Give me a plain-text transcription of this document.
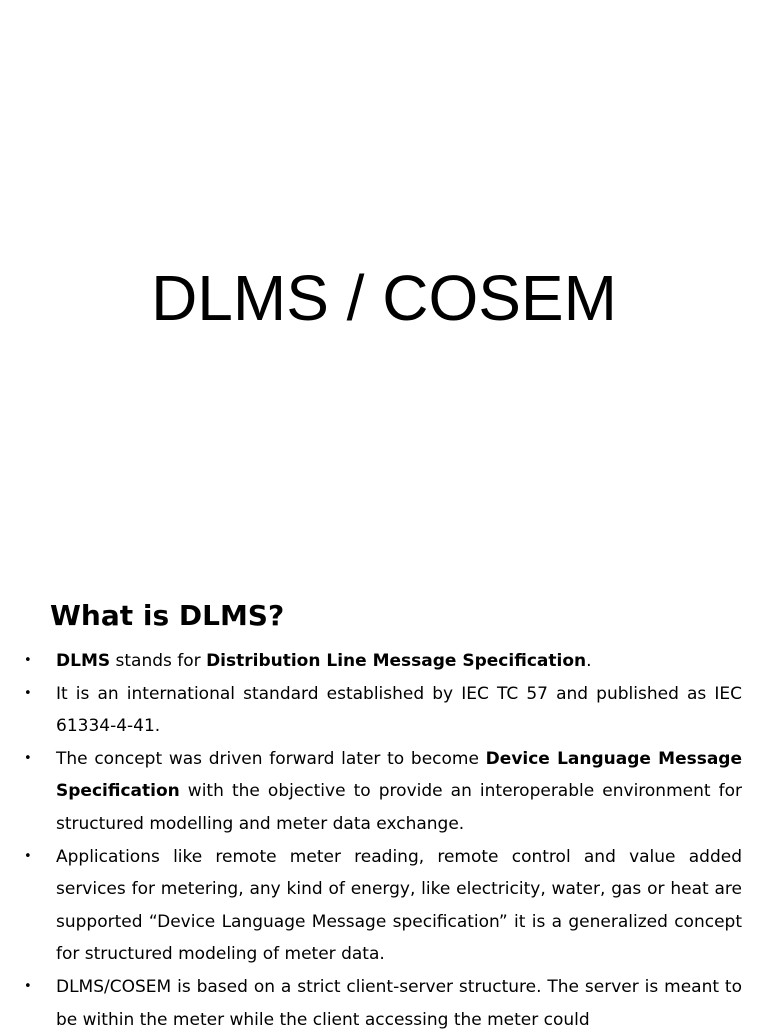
DLMS / COSEM
What is DLMS?
• DLMS stands for Distribution Line Message Specification.
• It is an international standard established by IEC TC 57 and published as IEC 61334-4-41.
• The concept was driven forward later to become Device Language Message Specification with the objective to provide an interoperable environment for structured modelling and meter data exchange.
• Applications like remote meter reading, remote control and value added services for metering, any kind of energy, like electricity, water, gas or heat are supported “Device Language Message specification” it is a generalized concept for structured modeling of meter data.
• DLMS/COSEM is based on a strict client-server structure. The server is meant to be within the meter while the client accessing the meter could
